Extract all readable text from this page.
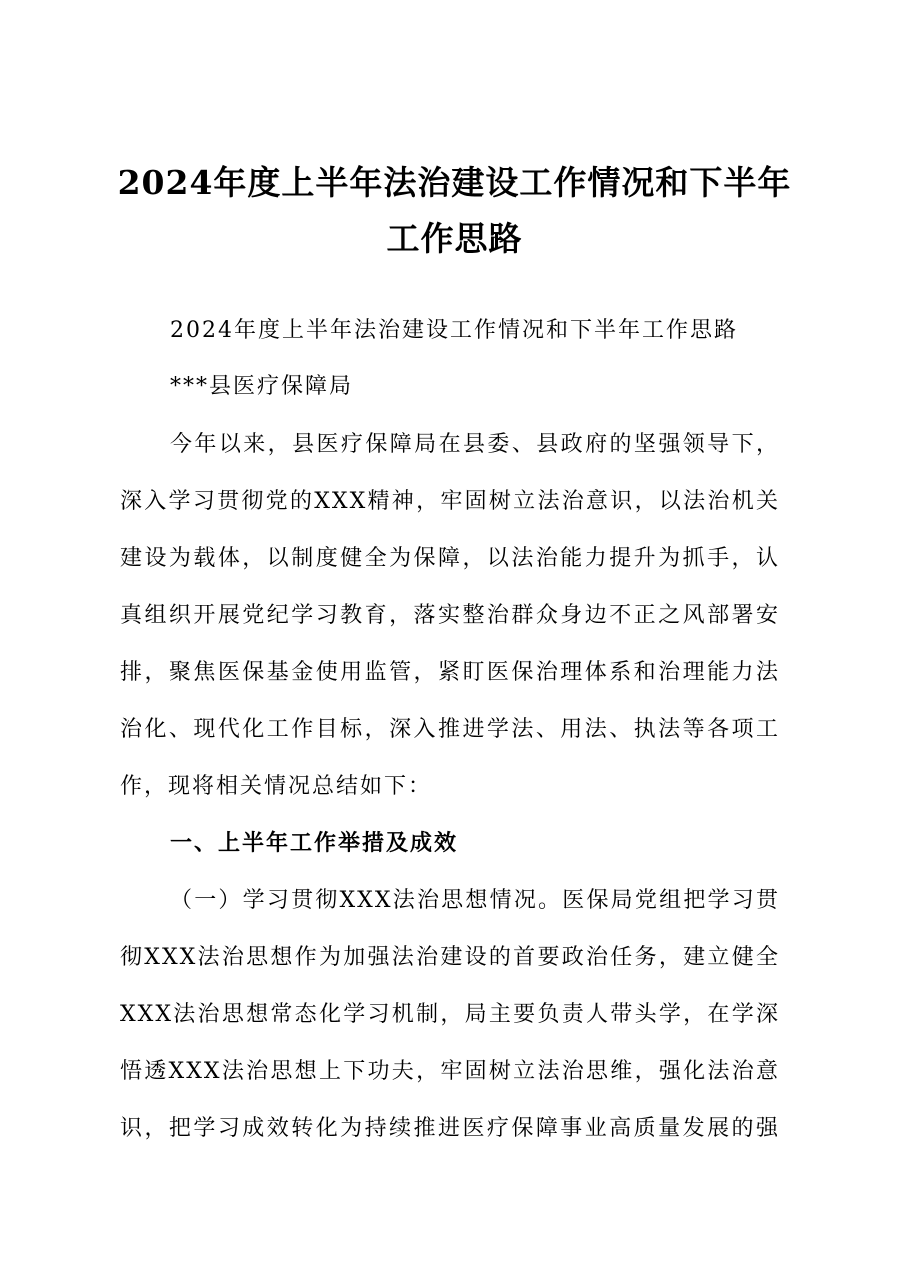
2024年度上半年法治建设工作情况和下半年
工作思路
2024年度上半年法治建设工作情况和下半年工作思路
***县医疗保障局
今年以来，县医疗保障局在县委、县政府的坚强领导下，
深入学习贯彻党的XXX精神，牢固树立法治意识，以法治机关
建设为载体，以制度健全为保障，以法治能力提升为抓手，认
真组织开展党纪学习教育，落实整治群众身边不正之风部署安
排，聚焦医保基金使用监管，紧盯医保治理体系和治理能力法
治化、现代化工作目标，深入推进学法、用法、执法等各项工
作，现将相关情况总结如下：
一、上半年工作举措及成效
（一）学习贯彻XXX法治思想情况。医保局党组把学习贯
彻XXX法治思想作为加强法治建设的首要政治任务，建立健全
XXX法治思想常态化学习机制，局主要负责人带头学，在学深
悟透XXX法治思想上下功夫，牢固树立法治思维，强化法治意
识，把学习成效转化为持续推进医疗保障事业高质量发展的强
